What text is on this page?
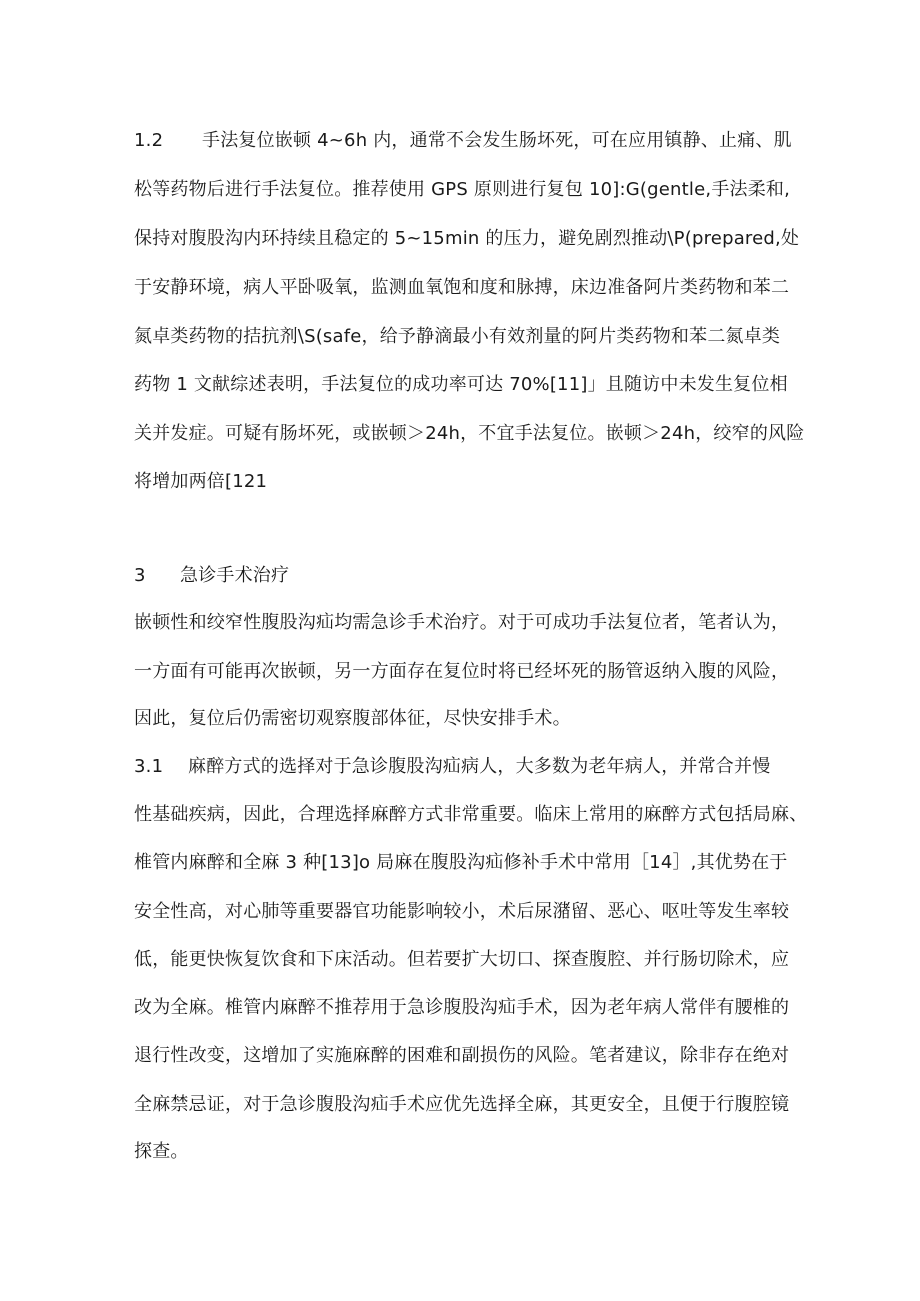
1.2 手法复位嵌顿 4~6h 内，通常不会发生肠坏死，可在应用镇静、止痛、肌
松等药物后进行手法复位。推荐使用 GPS 原则进行复包 10]:G(gentle,手法柔和,
保持对腹股沟内环持续且稳定的 5~15min 的压力，避免剧烈推动\P(prepared,处
于安静环境，病人平卧吸氧，监测血氧饱和度和脉搏，床边准备阿片类药物和苯二
氮卓类药物的拮抗剂\S(safe，给予静滴最小有效剂量的阿片类药物和苯二氮卓类
药物 1 文献综述表明，手法复位的成功率可达 70%[11]」且随访中未发生复位相
关并发症。可疑有肠坏死，或嵌顿＞24h，不宜手法复位。嵌顿＞24h，绞窄的风险
将增加两倍[121
3 急诊手术治疗
嵌顿性和绞窄性腹股沟疝均需急诊手术治疗。对于可成功手法复位者，笔者认为，
一方面有可能再次嵌顿，另一方面存在复位时将已经坏死的肠管返纳入腹的风险，
因此，复位后仍需密切观察腹部体征，尽快安排手术。
3.1 麻醉方式的选择对于急诊腹股沟疝病人，大多数为老年病人，并常合并慢
性基础疾病，因此，合理选择麻醉方式非常重要。临床上常用的麻醉方式包括局麻、
椎管内麻醉和全麻 3 种[13]o 局麻在腹股沟疝修补手术中常用［14］,其优势在于
安全性高，对心肺等重要器官功能影响较小，术后尿潴留、恶心、呕吐等发生率较
低，能更快恢复饮食和下床活动。但若要扩大切口、探查腹腔、并行肠切除术，应
改为全麻。椎管内麻醉不推荐用于急诊腹股沟疝手术，因为老年病人常伴有腰椎的
退行性改变，这增加了实施麻醉的困难和副损伤的风险。笔者建议，除非存在绝对
全麻禁忌证，对于急诊腹股沟疝手术应优先选择全麻，其更安全，且便于行腹腔镜
探查。
